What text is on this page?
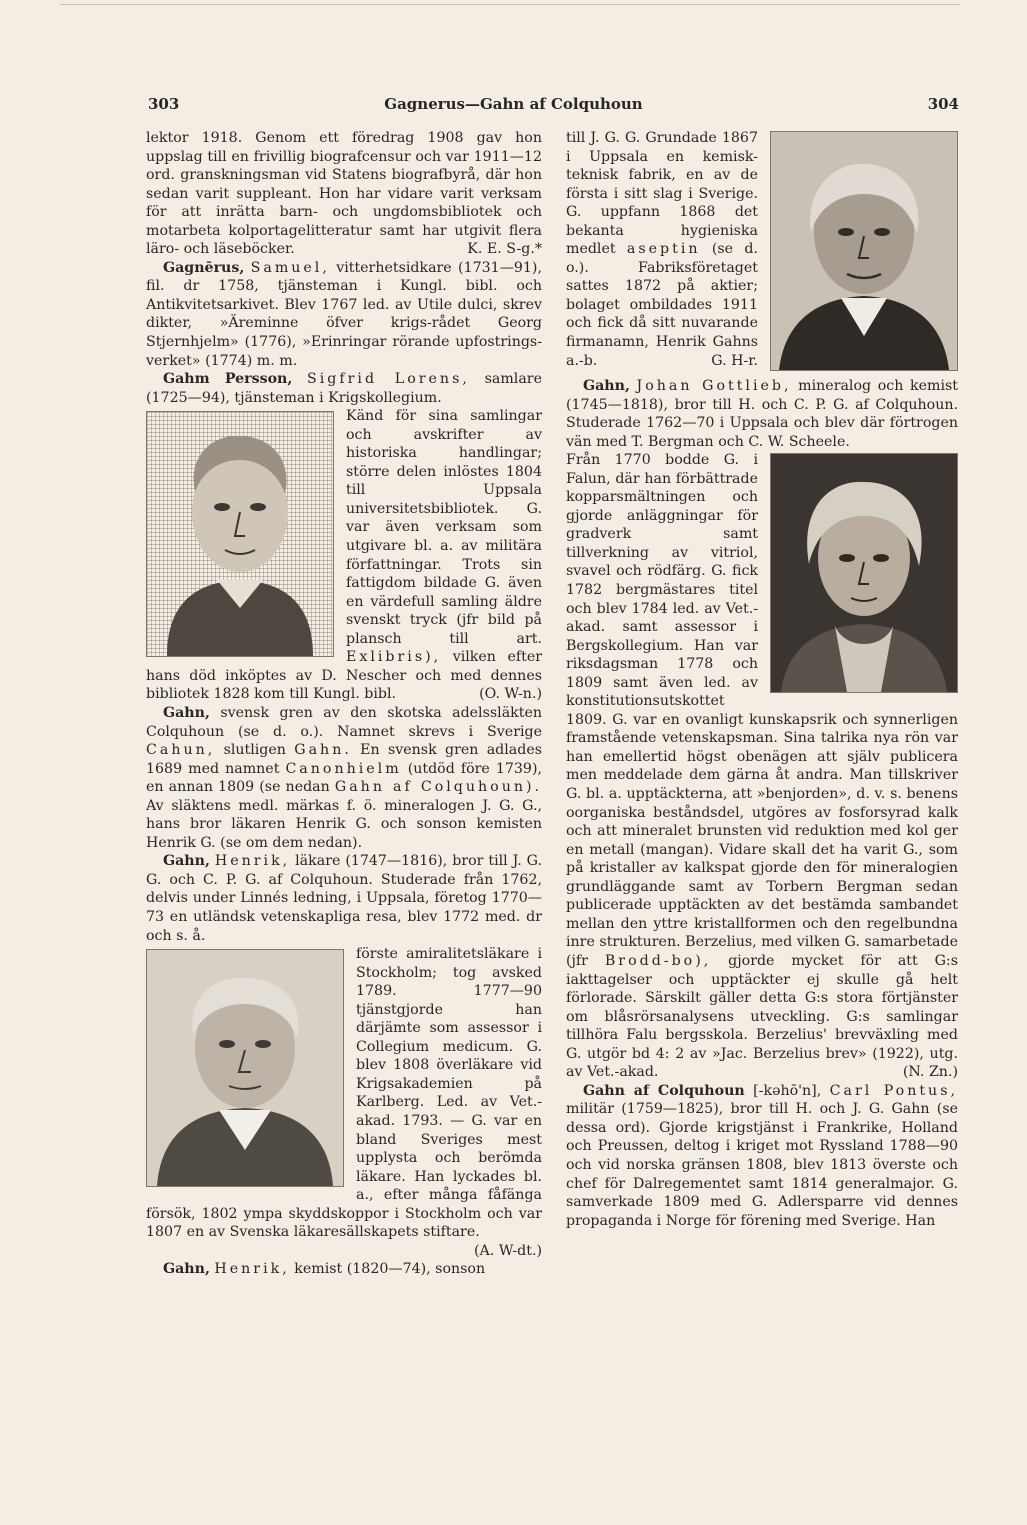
303	Gagnerus—Gahn af Colquhoun	304

lektor 1918. Genom ett föredrag 1908 gav hon uppslag till en frivillig biografcensur och var 1911—12 ord. granskningsman vid Statens biografbyrå, där hon sedan varit suppleant. Hon har vidare varit verksam för att inrätta barn- och ungdomsbibliotek och motarbeta kolportagelitteratur samt har utgivit flera läro- och läseböcker.	K. E. S-g.*

Gagnērus, Samuel, vitterhetsidkare (1731—91), fil. dr 1758, tjänsteman i Kungl. bibl. och Antikvitetsarkivet. Blev 1767 led. av Utile dulci, skrev dikter, »Äreminne öfver krigs-rådet Georg Stjernhjelm» (1776), »Erinringar rörande upfostrings-verket» (1774) m. m.

Gahm Persson, Sigfrid Lorens, samlare (1725—94), tjänsteman i Krigskollegium.

Känd för sina samlingar och avskrifter av historiska handlingar; större delen inlöstes 1804 till Uppsala universitetsbibliotek. G. var även verksam som utgivare bl. a. av militära författningar. Trots sin fattigdom bildade G. även en värdefull samling äldre svenskt tryck (jfr bild på plansch till art. Exlibris), vilken efter hans död inköptes av D. Nescher och med dennes bibliotek 1828 kom till Kungl. bibl.	(O. W-n.)

Gahn, svensk gren av den skotska adelssläkten Colquhoun (se d. o.). Namnet skrevs i Sverige Cahun, slutligen Gahn. En svensk gren adlades 1689 med namnet Canonhielm (utdöd före 1739), en annan 1809 (se nedan Gahn af Colquhoun). Av släktens medl. märkas f. ö. mineralogen J. G. G., hans bror läkaren Henrik G. och sonson kemisten Henrik G. (se om dem nedan).

Gahn, Henrik, läkare (1747—1816), bror till J. G. G. och C. P. G. af Colquhoun. Studerade från 1762, delvis under Linnés ledning, i Uppsala, företog 1770—73 en utländsk vetenskapliga resa, blev 1772 med. dr och s. å.

förste amiralitetsläkare i Stockholm; tog avsked 1789. 1777—90 tjänstgjorde han därjämte som assessor i Collegium medicum. G. blev 1808 överläkare vid Krigsakademien på Karlberg. Led. av Vet.-akad. 1793. — G. var en bland Sveriges mest upplysta och berömda läkare. Han lyckades bl. a., efter många fåfänga försök, 1802 ympa skyddskoppor i Stockholm och var 1807 en av Svenska läkaresällskapets stiftare.
(A. W-dt.)

Gahn, Henrik, kemist (1820—74), sonson

till J. G. G. Grundade 1867 i Uppsala en kemisk-teknisk fabrik, en av de första i sitt slag i Sverige. G. uppfann 1868 det bekanta hygieniska medlet aseptin (se d. o.). Fabriksföretaget sattes 1872 på aktier; bolaget ombildades 1911 och fick då sitt nuvarande firmanamn, Henrik Gahns a.-b.	G. H-r.

Gahn, Johan Gottlieb, mineralog och kemist (1745—1818), bror till H. och C. P. G. af Colquhoun. Studerade 1762—70 i Uppsala och blev där förtrogen vän med T. Bergman och C. W. Scheele.

Från 1770 bodde G. i Falun, där han förbättrade kopparsmältningen och gjorde anläggningar för gradverk samt tillverkning av vitriol, svavel och rödfärg. G. fick 1782 bergmästares titel och blev 1784 led. av Vet.-akad. samt assessor i Bergskollegium. Han var riksdagsman 1778 och 1809 samt även led. av konstitutionsutskottet 1809. G. var en ovanligt kunskapsrik och synnerligen framstående vetenskapsman. Sina talrika nya rön var han emellertid högst obenägen att själv publicera men meddelade dem gärna åt andra. Man tillskriver G. bl. a. upptäckterna, att »benjorden», d. v. s. benens oorganiska beståndsdel, utgöres av fosforsyrad kalk och att mineralet brunsten vid reduktion med kol ger en metall (mangan). Vidare skall det ha varit G., som på kristaller av kalkspat gjorde den för mineralogien grundläggande samt av Torbern Bergman sedan publicerade upptäckten av det bestämda sambandet mellan den yttre kristallformen och den regelbundna inre strukturen. Berzelius, med vilken G. samarbetade (jfr Brodd-bo), gjorde mycket för att G:s iakttagelser och upptäckter ej skulle gå helt förlorade. Särskilt gäller detta G:s stora förtjänster om blåsrörsanalysens utveckling. G:s samlingar tillhöra Falu bergsskola. Berzelius' brevväxling med G. utgör bd 4: 2 av »Jac. Berzelius brev» (1922), utg. av Vet.-akad.	(N. Zn.)

Gahn af Colquhoun [-kəhō'n], Carl Pontus, militär (1759—1825), bror till H. och J. G. Gahn (se dessa ord). Gjorde krigstjänst i Frankrike, Holland och Preussen, deltog i kriget mot Ryssland 1788—90 och vid norska gränsen 1808, blev 1813 överste och chef för Dalregementet samt 1814 generalmajor. G. samverkade 1809 med G. Adlersparre vid dennes propaganda i Norge för förening med Sverige. Han
